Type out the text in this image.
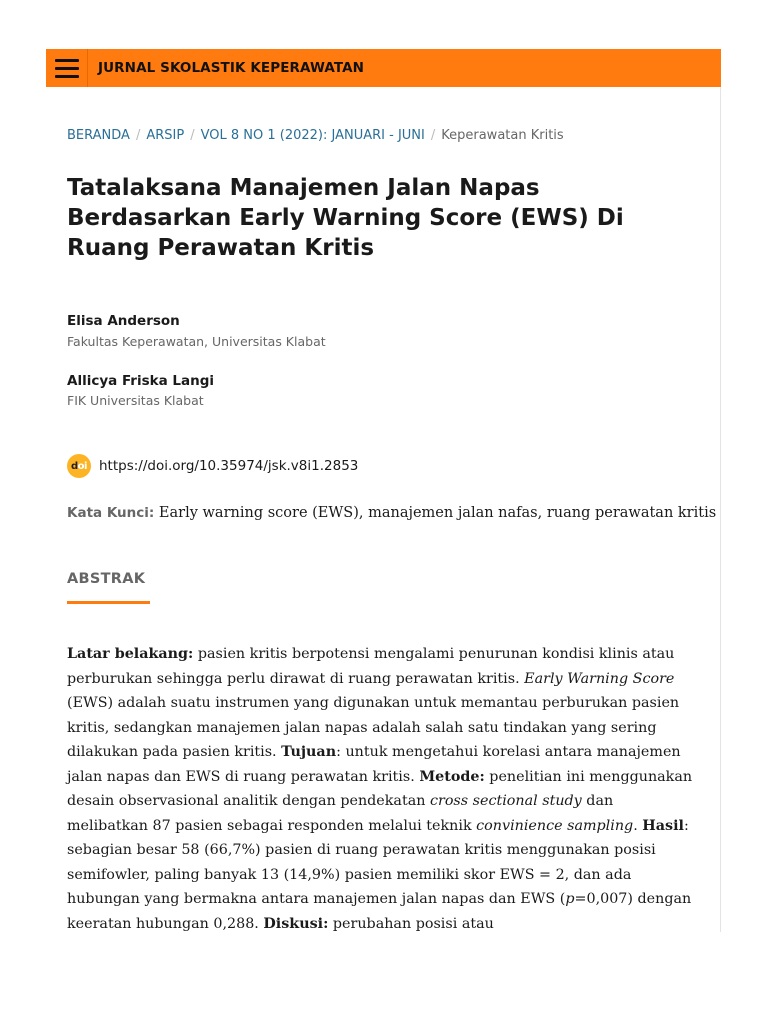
JURNAL SKOLASTIK KEPERAWATAN
BERANDA / ARSIP / VOL 8 NO 1 (2022): JANUARI - JUNI / Keperawatan Kritis
Tatalaksana Manajemen Jalan Napas Berdasarkan Early Warning Score (EWS) Di Ruang Perawatan Kritis
Elisa Anderson
Fakultas Keperawatan, Universitas Klabat
Allicya Friska Langi
FIK Universitas Klabat
d oi https://doi.org/10.35974/jsk.v8i1.2853
Kata Kunci: Early warning score (EWS), manajemen jalan nafas, ruang perawatan kritis
ABSTRAK

Latar belakang: pasien kritis berpotensi mengalami penurunan kondisi klinis atau perburukan sehingga perlu dirawat di ruang perawatan kritis. Early Warning Score (EWS) adalah suatu instrumen yang digunakan untuk memantau perburukan pasien kritis, sedangkan manajemen jalan napas adalah salah satu tindakan yang sering dilakukan pada pasien kritis. Tujuan: untuk mengetahui korelasi antara manajemen jalan napas dan EWS di ruang perawatan kritis. Metode: penelitian ini menggunakan desain observasional analitik dengan pendekatan cross sectional study dan melibatkan 87 pasien sebagai responden melalui teknik convinience sampling. Hasil: sebagian besar 58 (66,7%) pasien di ruang perawatan kritis menggunakan posisi semifowler, paling banyak 13 (14,9%) pasien memiliki skor EWS = 2, dan ada hubungan yang bermakna antara manajemen jalan napas dan EWS (p=0,007) dengan keeratan hubungan 0,288. Diskusi: perubahan posisi atau
